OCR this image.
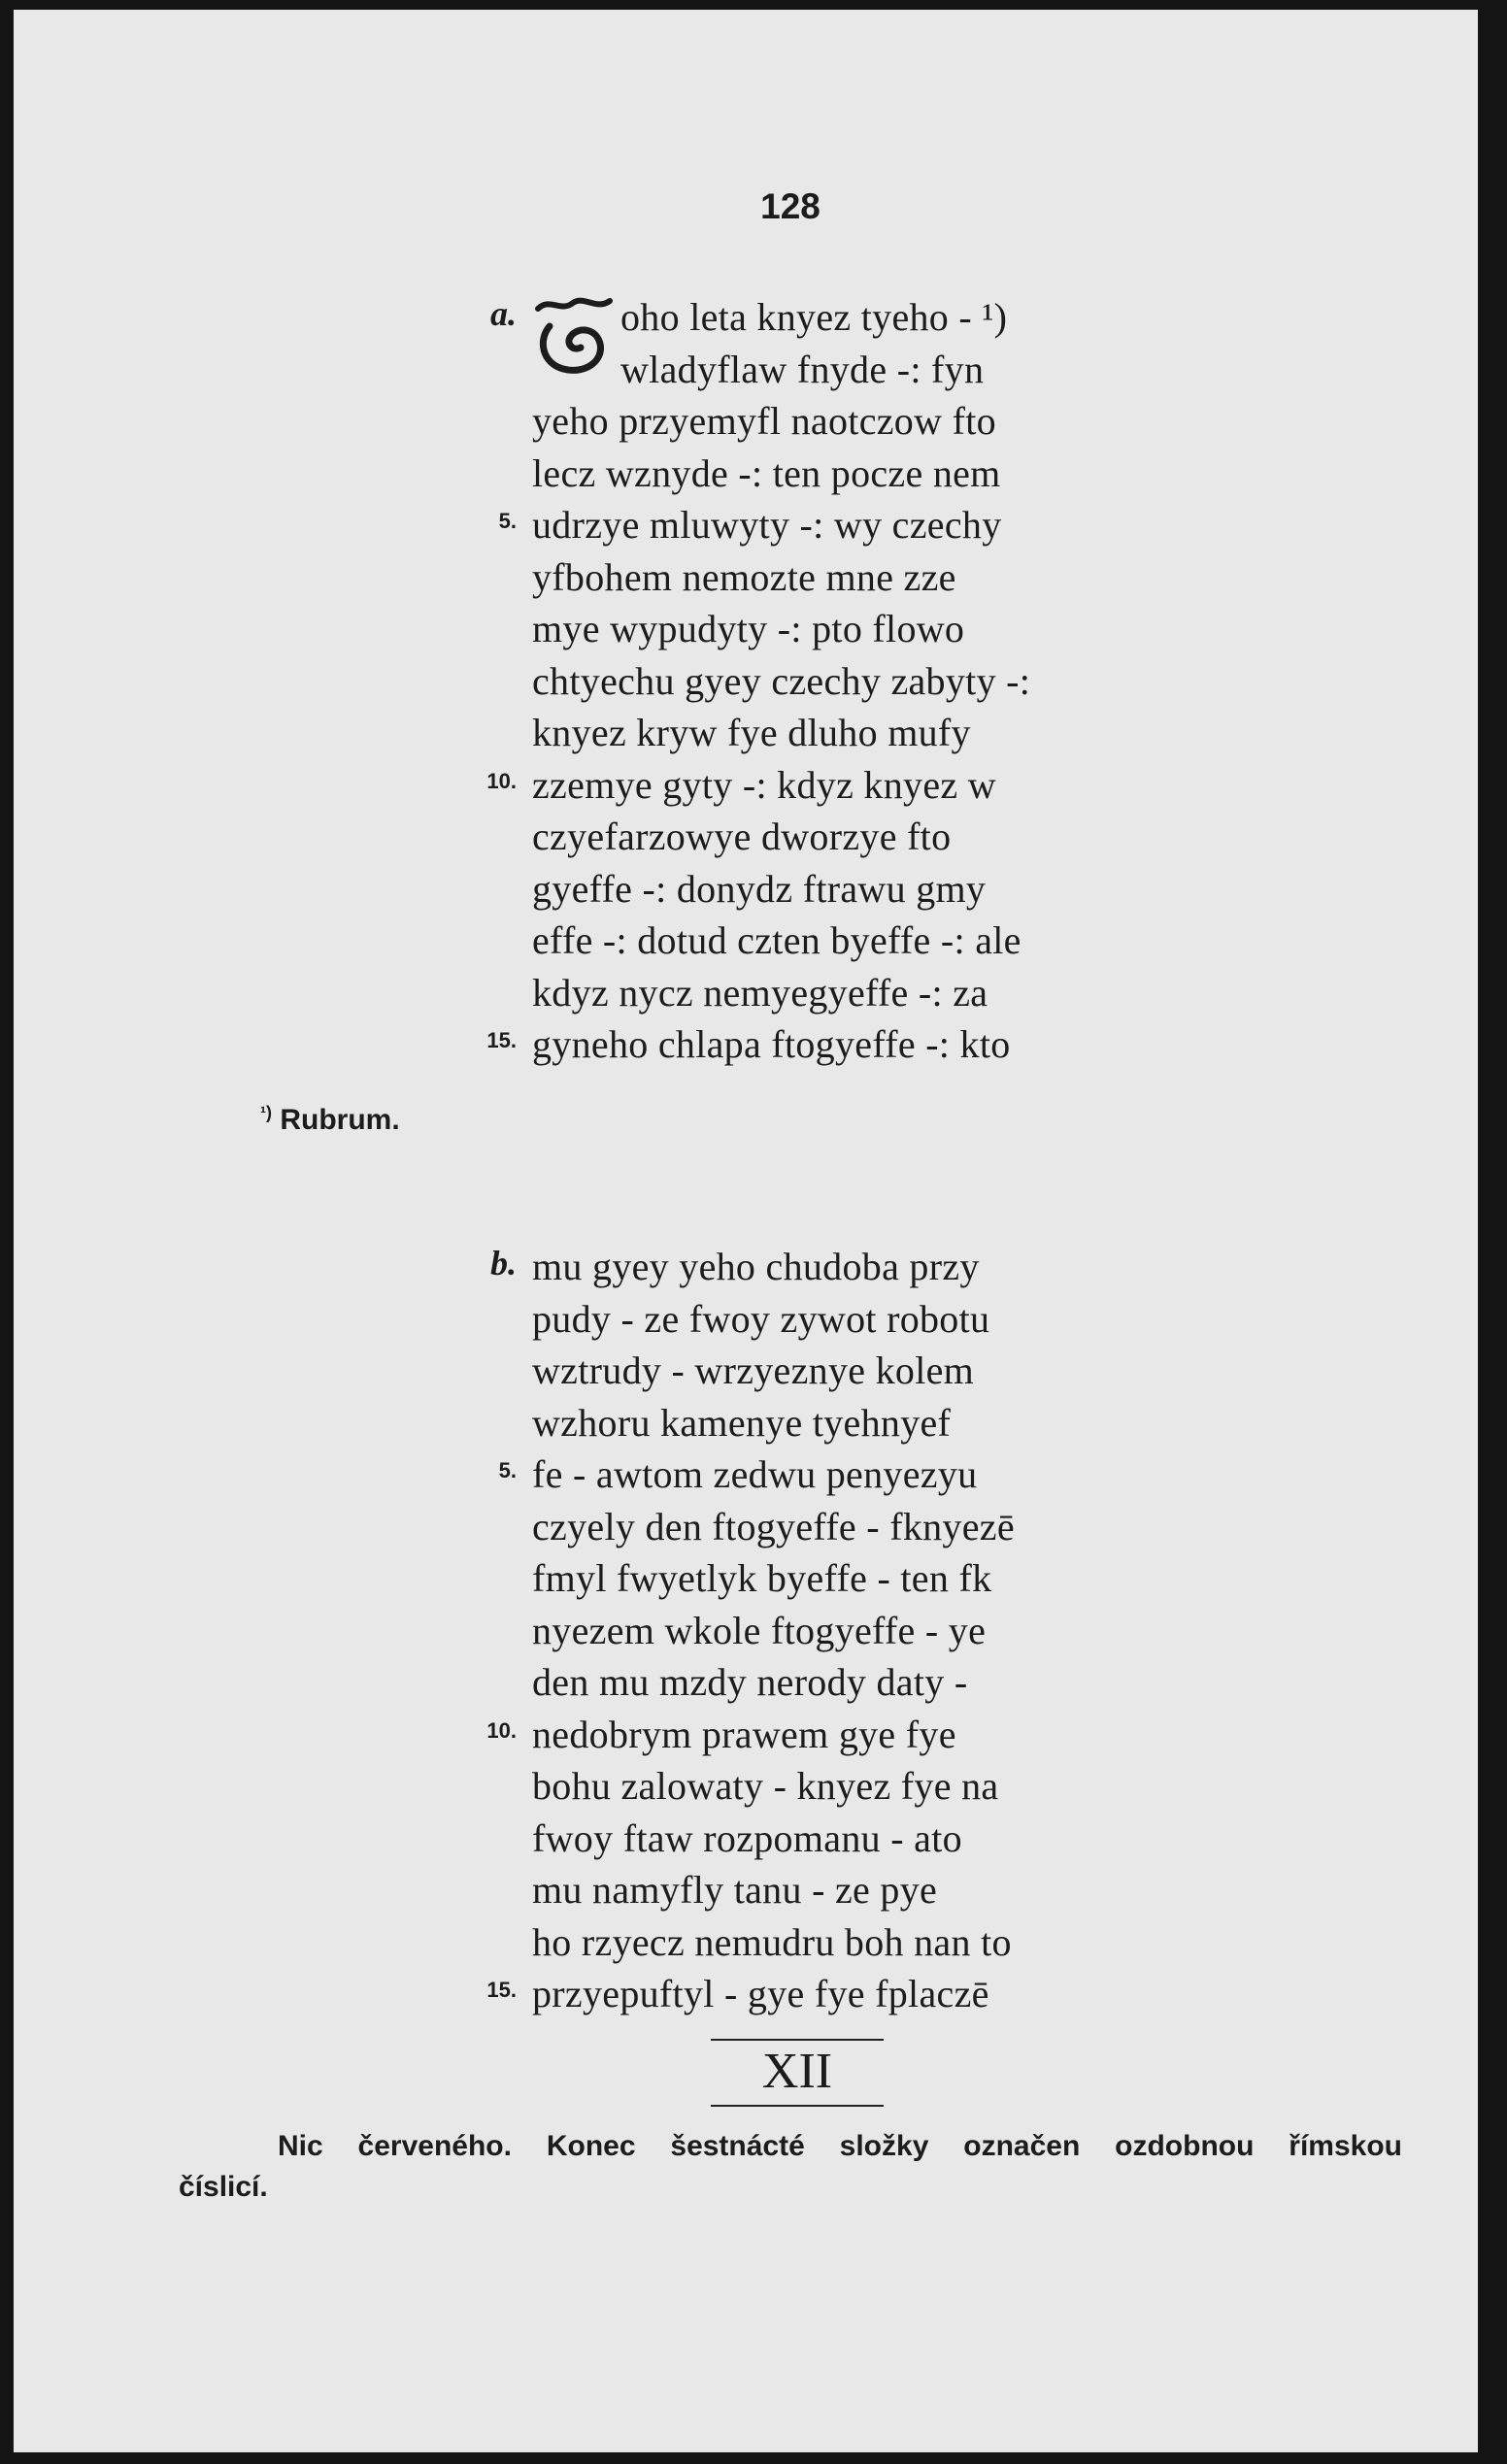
128
a.	oho leta knyez tyeho - ¹)
wladyflaw fnyde -: fyn
yeho przyemyfl naotczow fto
lecz wznyde -: ten pocze nem
5. udrzye mluwyty -: wy czechy
yfbohem nemozte mne zze
mye wypudyty -: pto flowo
chtyechu gyey czechy zabyty -:
knyez kryw fye dluho mufy
10. zzemye gyty -: kdyz knyez w
czyefarzowye dworzye fto
gyeffe -: donydz ftrawu gmy
effe -: dotud czten byeffe -: ale
kdyz nycz nemyegyeffe -: za
15. gyneho chlapa ftogyeffe -: kto
$^{^1)}$ Rubrum.
b. mu gyey yeho chudoba przy
pudy - ze fwoy zywot robotu
wztrudy - wrzyeznye kolem
wzhoru kamenye tyehnyef
5. fe - awtom zedwu penyezyu
czyely den ftogyeffe - fknyezē
fmyl fwyetlyk byeffe - ten fk
nyezem wkole ftogyeffe - ye
den mu mzdy nerody daty -
10. nedobrym prawem gye fye
bohu zalowaty - knyez fye na
fwoy ftaw rozpomanu - ato
mu namyfly tanu - ze pye
ho rzyecz nemudru boh nan to
15. przyepuftyl - gye fye fplaczē
XII
Nic červeného. Konec šestnácté složky označen ozdobnou římskou
číslicí.
